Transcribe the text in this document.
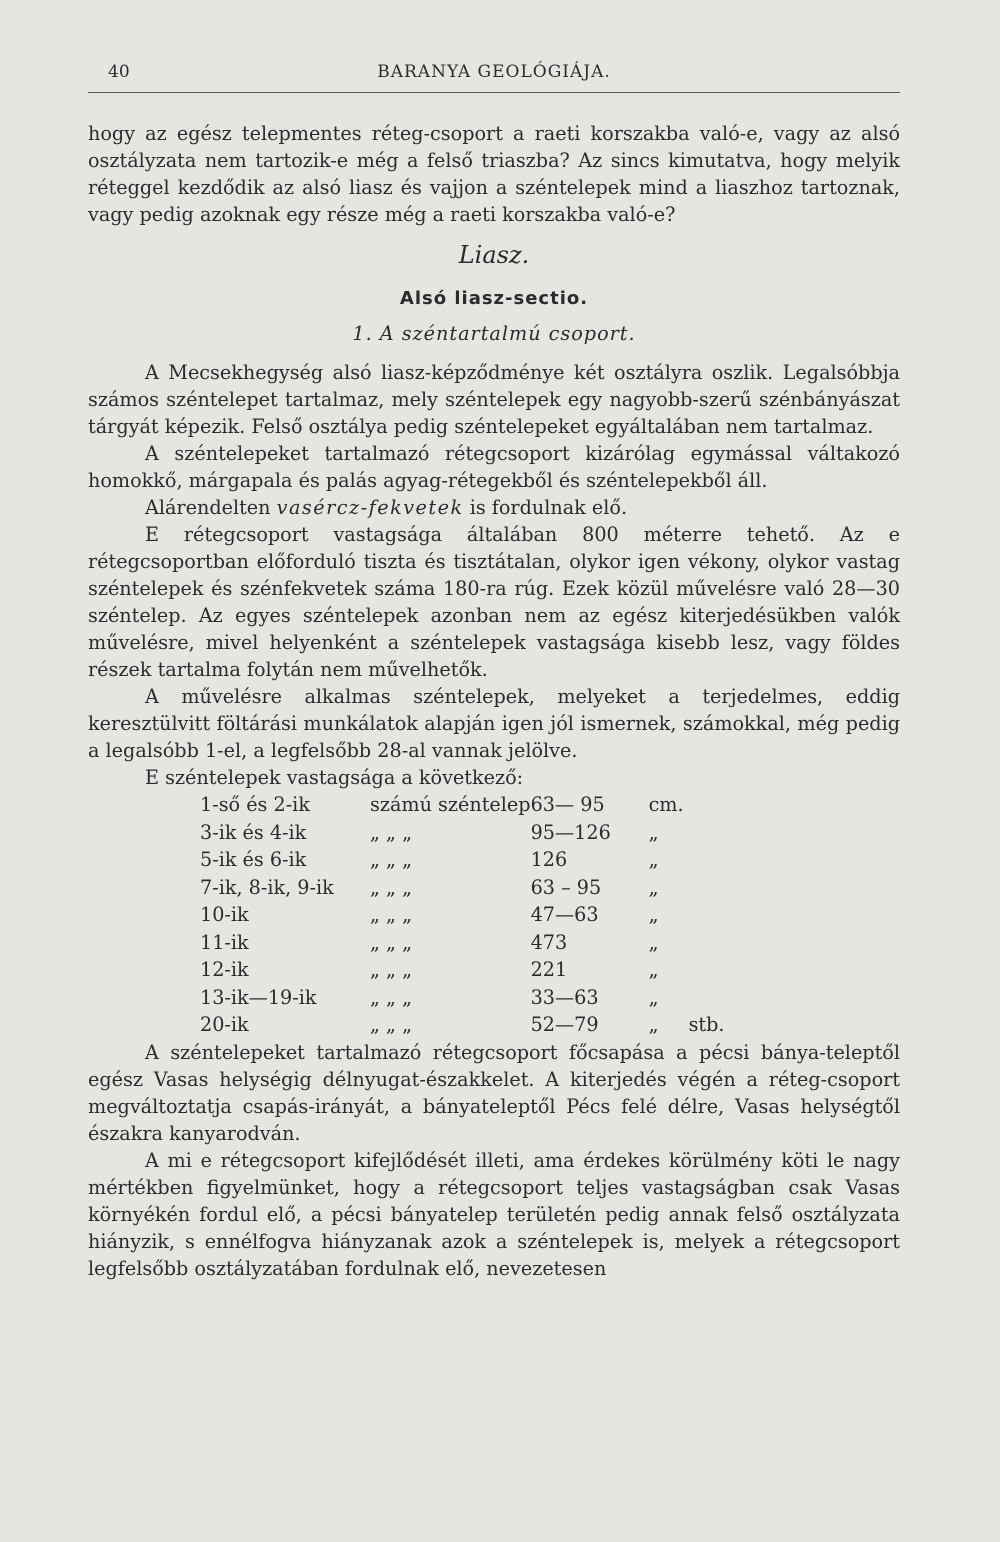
40	BARANYA GEOLÓGIÁJA.

hogy az egész telepmentes réteg-csoport a raeti korszakba való-e, vagy az alsó osztályzata nem tartozik-e még a felső triaszba? Az sincs kimutatva, hogy melyik réteggel kezdődik az alsó liasz és vajjon a széntelepek mind a liaszhoz tartoznak, vagy pedig azoknak egy része még a raeti korszakba való-e?

Liasz.

Alsó liasz-sectio.

1. A széntartalmú csoport.

A Mecsekhegység alsó liasz-képződménye két osztályra oszlik. Legalsóbbja számos széntelepet tartalmaz, mely széntelepek egy nagyobb-szerű szénbányászat tárgyát képezik. Felső osztálya pedig széntelepeket egyáltalában nem tartalmaz.

A széntelepeket tartalmazó rétegcsoport kizárólag egymással váltakozó homokkő, márgapala és palás agyag-rétegekből és széntelepekből áll.

Alárendelten vasércz-fekvetek is fordulnak elő.

E rétegcsoport vastagsága általában 800 méterre tehető. Az e rétegcsoportban előforduló tiszta és tisztátalan, olykor igen vékony, olykor vastag széntelepek és szénfekvetek száma 180-ra rúg. Ezek közül művelésre való 28—30 széntelep. Az egyes széntelepek azonban nem az egész kiterjedésükben valók művelésre, mivel helyenként a széntelepek vastagsága kisebb lesz, vagy földes részek tartalma folytán nem művelhetők.

A művelésre alkalmas széntelepek, melyeket a terjedelmes, eddig keresztülvitt föltárási munkálatok alapján igen jól ismernek, számokkal, még pedig a legalsóbb 1-el, a legfelsőbb 28-al vannak jelölve.

E széntelepek vastagsága a következő:

1-ső és 2-ik	számú széntelep	63— 95	cm.	
3-ik és 4-ik	„ „ „	95—126	„	
5-ik és 6-ik	„ „ „	126	„	
7-ik, 8-ik, 9-ik	„ „ „	63 – 95	„	
10-ik	„ „ „	47—63	„	
11-ik	„ „ „	473	„	
12-ik	„ „ „	221	„	
13-ik—19-ik	„ „ „	33—63	„	
20-ik	„ „ „	52—79	„	stb.

A széntelepeket tartalmazó rétegcsoport főcsapása a pécsi bánya-teleptől egész Vasas helységig délnyugat-északkelet. A kiterjedés végén a réteg-csoport megváltoztatja csapás-irányát, a bányateleptől Pécs felé délre, Vasas helységtől északra kanyarodván.

A mi e rétegcsoport kifejlődését illeti, ama érdekes körülmény köti le nagy mértékben figyelmünket, hogy a rétegcsoport teljes vastagságban csak Vasas környékén fordul elő, a pécsi bányatelep területén pedig annak felső osztályzata hiányzik, s ennélfogva hiányzanak azok a széntelepek is, melyek a rétegcsoport legfelsőbb osztályzatában fordulnak elő, nevezetesen
